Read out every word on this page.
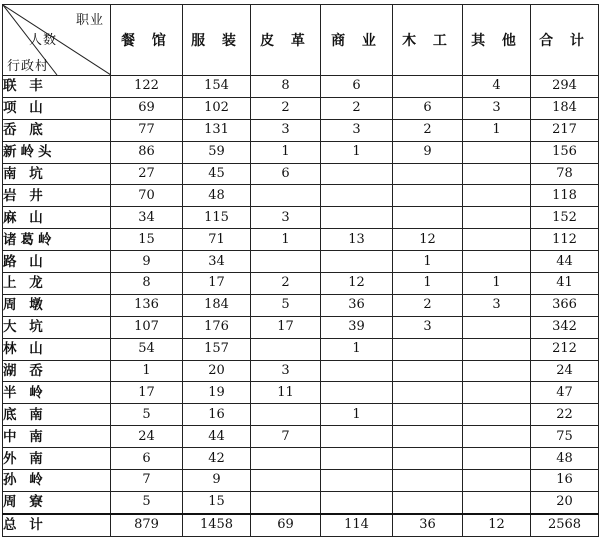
职业
人数
行政村	餐 馆	服 装	皮 革	商 业	木 工	其 他	合 计
联 丰	122	154	8	6		4	294
项 山	69	102	2	2	6	3	184
岙 底	77	131	3	3	2	1	217
新岭头	86	59	1	1	9		156
南 坑	27	45	6				78
岩 井	70	48					118
麻 山	34	115	3				152
诸葛岭	15	71	1	13	12		112
路 山	9	34			1		44
上 龙	8	17	2	12	1	1	41
周 墩	136	184	5	36	2	3	366
大 坑	107	176	17	39	3		342
林 山	54	157		1			212
湖 岙	1	20	3				24
半 岭	17	19	11				47
底 南	5	16		1			22
中 南	24	44	7				75
外 南	6	42					48
孙 岭	7	9					16
周 寮	5	15					20
总 计	879	1458	69	114	36	12	2568
